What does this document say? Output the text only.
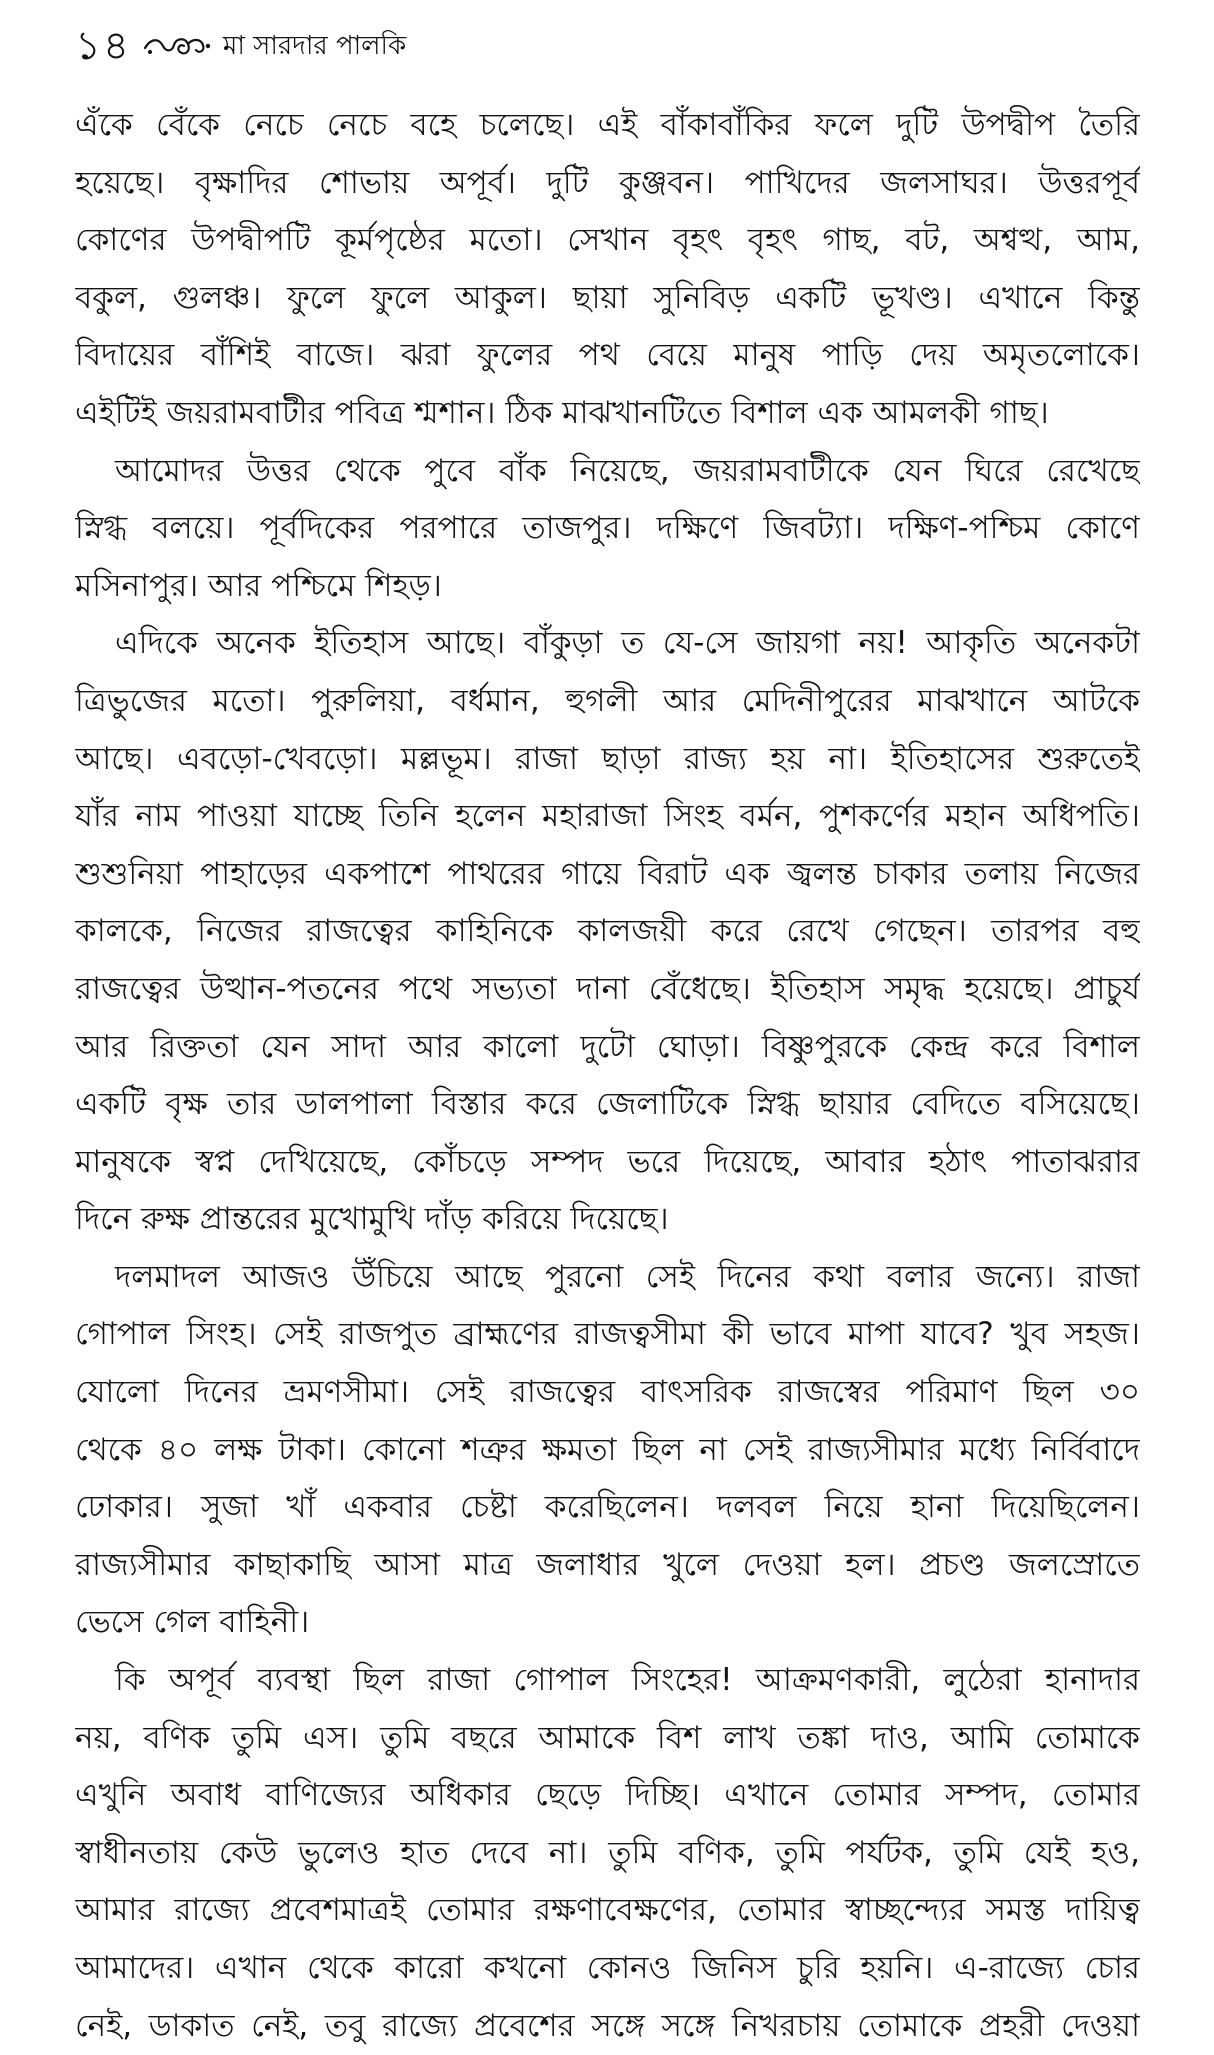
১৪	মা সারদার পালকি
এঁকে বেঁকে নেচে নেচে বহে চলেছে। এই বাঁকাবাঁকির ফলে দুটি উপদ্বীপ তৈরি
হয়েছে। বৃক্ষাদির শোভায় অপূর্ব। দুটি কুঞ্জবন। পাখিদের জলসাঘর। উত্তরপূর্ব
কোণের উপদ্বীপটি কূর্মপৃষ্ঠের মতো। সেখান বৃহৎ বৃহৎ গাছ, বট, অশ্বত্থ, আম,
বকুল, গুলঞ্চ। ফুলে ফুলে আকুল। ছায়া সুনিবিড় একটি ভূখণ্ড। এখানে কিন্তু
বিদায়ের বাঁশিই বাজে। ঝরা ফুলের পথ বেয়ে মানুষ পাড়ি দেয় অমৃতলোকে।
এইটিই জয়রামবাটীর পবিত্র শ্মশান। ঠিক মাঝখানটিতে বিশাল এক আমলকী গাছ।
আমোদর উত্তর থেকে পুবে বাঁক নিয়েছে, জয়রামবাটীকে যেন ঘিরে রেখেছে
স্নিগ্ধ বলয়ে। পূর্বদিকের পরপারে তাজপুর। দক্ষিণে জিবট্যা। দক্ষিণ-পশ্চিম কোণে
মসিনাপুর। আর পশ্চিমে শিহড়।
এদিকে অনেক ইতিহাস আছে। বাঁকুড়া ত যে-সে জায়গা নয়! আকৃতি অনেকটা
ত্রিভুজের মতো। পুরুলিয়া, বর্ধমান, হুগলী আর মেদিনীপুরের মাঝখানে আটকে
আছে। এবড়ো-খেবড়ো। মল্লভূম। রাজা ছাড়া রাজ্য হয় না। ইতিহাসের শুরুতেই
যাঁর নাম পাওয়া যাচ্ছে তিনি হলেন মহারাজা সিংহ বর্মন, পুশকর্ণের মহান অধিপতি।
শুশুনিয়া পাহাড়ের একপাশে পাথরের গায়ে বিরাট এক জ্বলন্ত চাকার তলায় নিজের
কালকে, নিজের রাজত্বের কাহিনিকে কালজয়ী করে রেখে গেছেন। তারপর বহু
রাজত্বের উত্থান-পতনের পথে সভ্যতা দানা বেঁধেছে। ইতিহাস সমৃদ্ধ হয়েছে। প্রাচুর্য
আর রিক্ততা যেন সাদা আর কালো দুটো ঘোড়া। বিষ্ণুপুরকে কেন্দ্র করে বিশাল
একটি বৃক্ষ তার ডালপালা বিস্তার করে জেলাটিকে স্নিগ্ধ ছায়ার বেদিতে বসিয়েছে।
মানুষকে স্বপ্ন দেখিয়েছে, কোঁচড়ে সম্পদ ভরে দিয়েছে, আবার হঠাৎ পাতাঝরার
দিনে রুক্ষ প্রান্তরের মুখোমুখি দাঁড় করিয়ে দিয়েছে।
দলমাদল আজও উঁচিয়ে আছে পুরনো সেই দিনের কথা বলার জন্যে। রাজা
গোপাল সিংহ। সেই রাজপুত ব্রাহ্মণের রাজত্বসীমা কী ভাবে মাপা যাবে? খুব সহজ।
যোলো দিনের ভ্রমণসীমা। সেই রাজত্বের বাৎসরিক রাজস্বের পরিমাণ ছিল ৩০
থেকে ৪০ লক্ষ টাকা। কোনো শত্রুর ক্ষমতা ছিল না সেই রাজ্যসীমার মধ্যে নির্বিবাদে
ঢোকার। সুজা খাঁ একবার চেষ্টা করেছিলেন। দলবল নিয়ে হানা দিয়েছিলেন।
রাজ্যসীমার কাছাকাছি আসা মাত্র জলাধার খুলে দেওয়া হল। প্রচণ্ড জলস্রোতে
ভেসে গেল বাহিনী।
কি অপূর্ব ব্যবস্থা ছিল রাজা গোপাল সিংহের! আক্রমণকারী, লুঠেরা হানাদার
নয়, বণিক তুমি এস। তুমি বছরে আমাকে বিশ লাখ তঙ্কা দাও, আমি তোমাকে
এখুনি অবাধ বাণিজ্যের অধিকার ছেড়ে দিচ্ছি। এখানে তোমার সম্পদ, তোমার
স্বাধীনতায় কেউ ভুলেও হাত দেবে না। তুমি বণিক, তুমি পর্যটক, তুমি যেই হও,
আমার রাজ্যে প্রবেশমাত্রই তোমার রক্ষণাবেক্ষণের, তোমার স্বাচ্ছন্দ্যের সমস্ত দায়িত্ব
আমাদের। এখান থেকে কারো কখনো কোনও জিনিস চুরি হয়নি। এ-রাজ্যে চোর
নেই, ডাকাত নেই, তবু রাজ্যে প্রবেশের সঙ্গে সঙ্গে নিখরচায় তোমাকে প্রহরী দেওয়া
